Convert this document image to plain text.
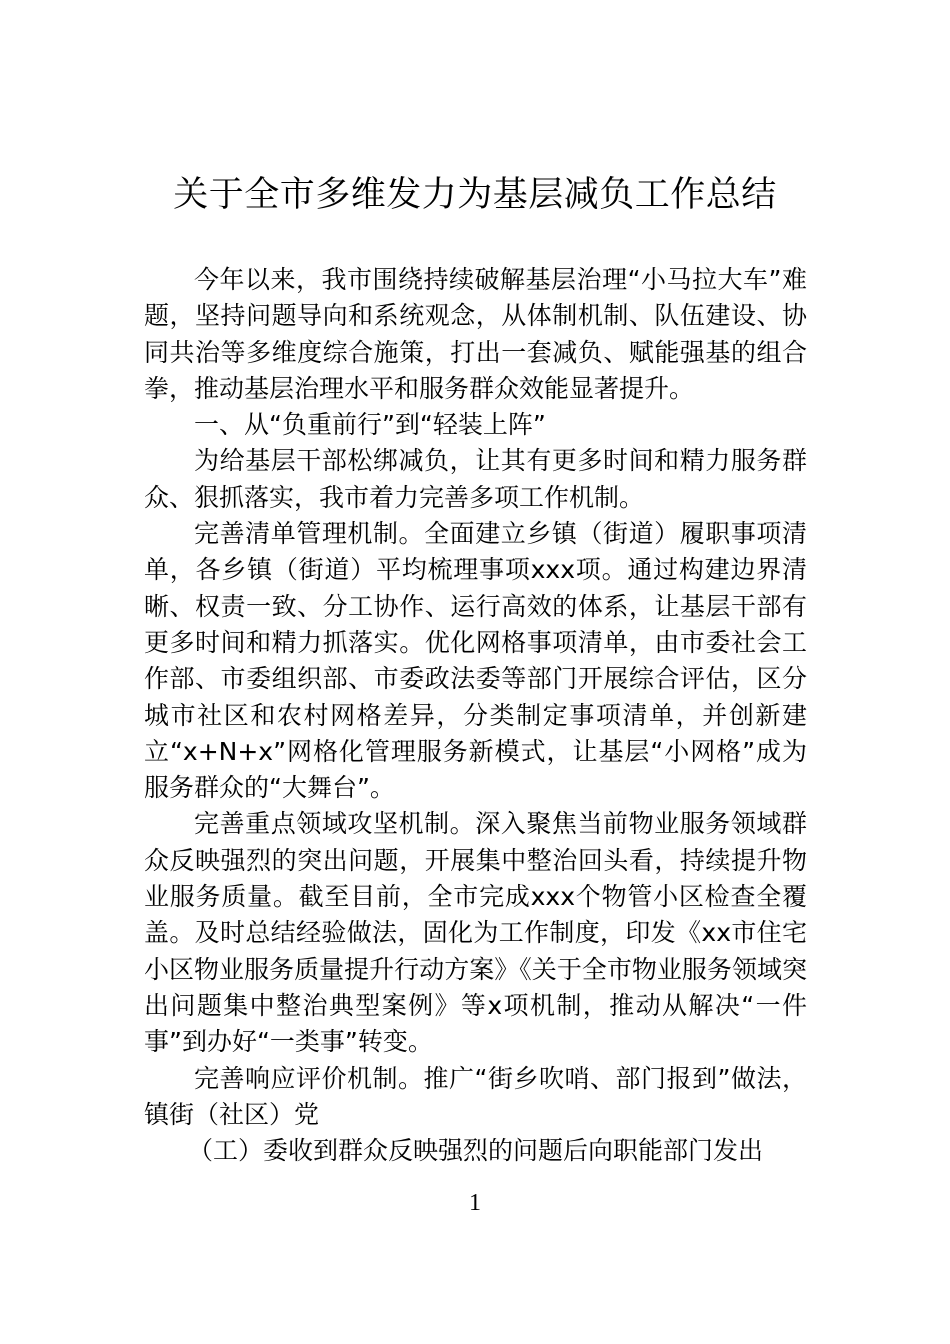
关于全市多维发力为基层减负工作总结

今年以来，我市围绕持续破解基层治理“小马拉大车”难题，坚持问题导向和系统观念，从体制机制、队伍建设、协同共治等多维度综合施策，打出一套减负、赋能强基的组合拳，推动基层治理水平和服务群众效能显著提升。

一、从“负重前行”到“轻装上阵”

为给基层干部松绑减负，让其有更多时间和精力服务群众、狠抓落实，我市着力完善多项工作机制。

完善清单管理机制。全面建立乡镇（街道）履职事项清单，各乡镇（街道）平均梳理事项xxx项。通过构建边界清晰、权责一致、分工协作、运行高效的体系，让基层干部有更多时间和精力抓落实。优化网格事项清单，由市委社会工作部、市委组织部、市委政法委等部门开展综合评估，区分城市社区和农村网格差异，分类制定事项清单，并创新建立“x+N+x”网格化管理服务新模式，让基层“小网格”成为服务群众的“大舞台”。

完善重点领域攻坚机制。深入聚焦当前物业服务领域群众反映强烈的突出问题，开展集中整治回头看，持续提升物业服务质量。截至目前，全市完成xxx个物管小区检查全覆盖。及时总结经验做法，固化为工作制度，印发《xx市住宅小区物业服务质量提升行动方案》《关于全市物业服务领域突出问题集中整治典型案例》等x项机制，推动从解决“一件事”到办好“一类事”转变。

完善响应评价机制。推广“街乡吹哨、部门报到”做法，镇街（社区）党

（工）委收到群众反映强烈的问题后向职能部门发出

1
